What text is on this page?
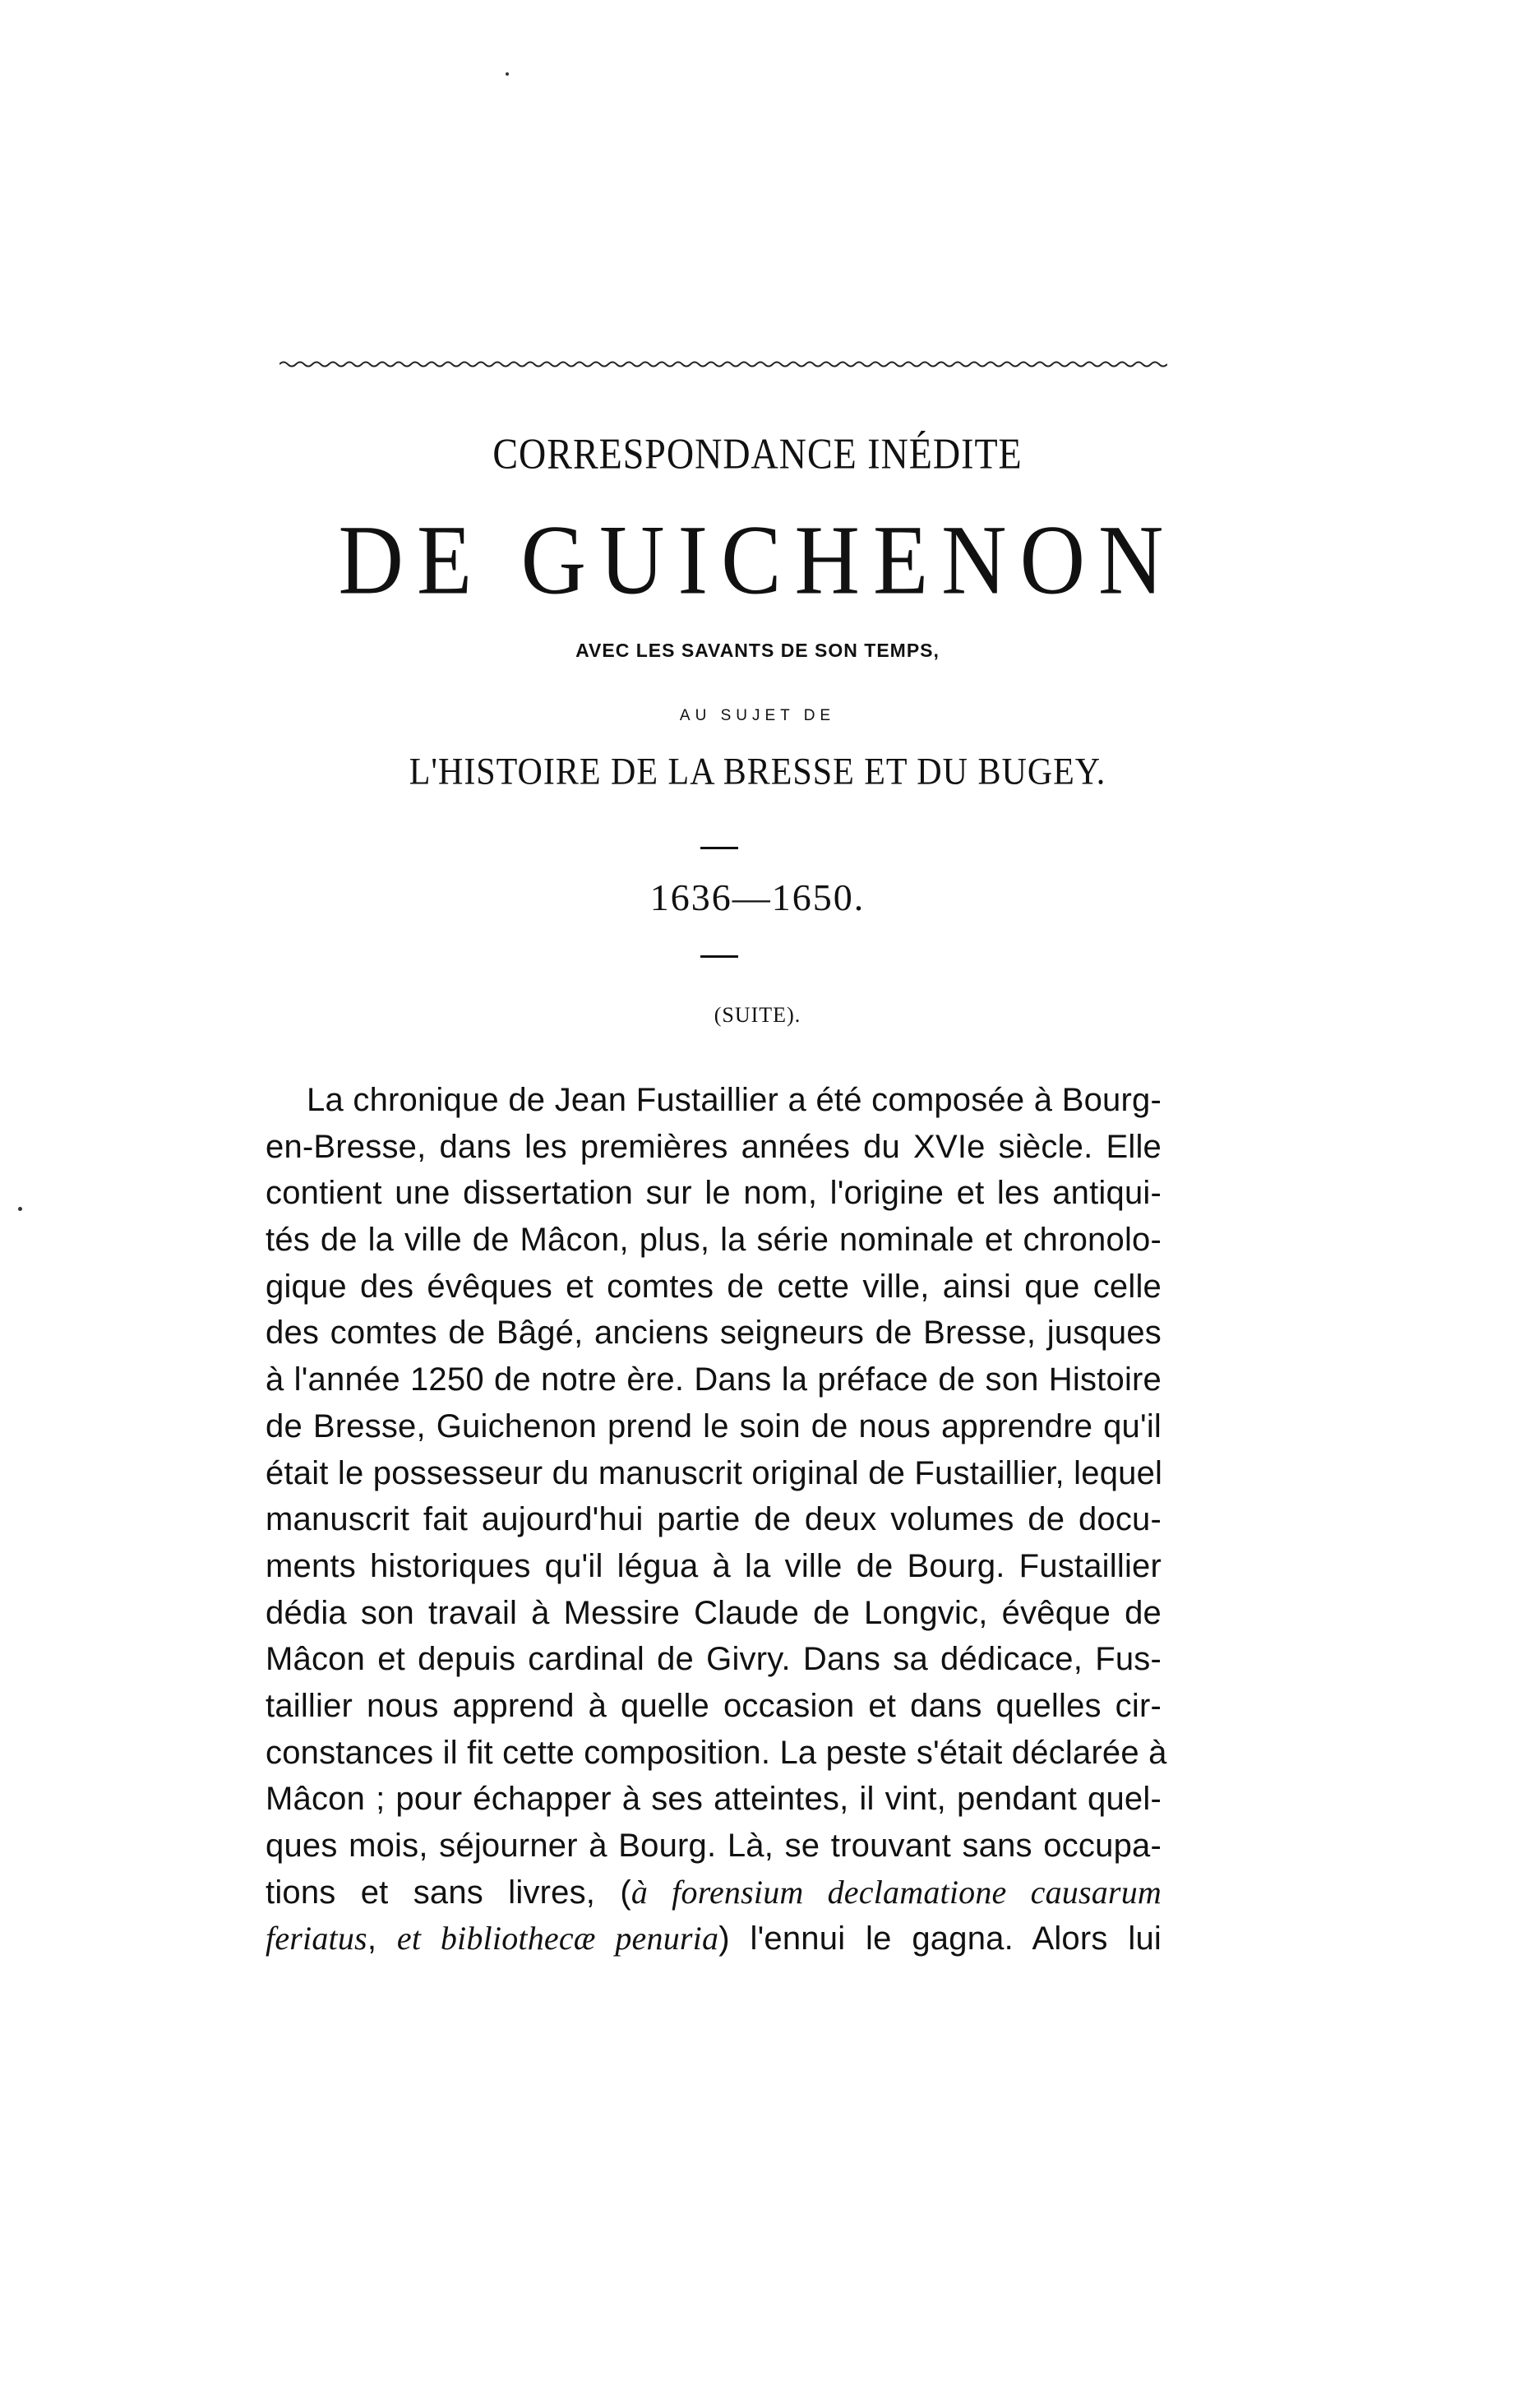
CORRESPONDANCE INÉDITE
DE GUICHENON
AVEC LES SAVANTS DE SON TEMPS,
AU SUJET DE
L'HISTOIRE DE LA BRESSE ET DU BUGEY.
1636—1650.
(SUITE).
La chronique de Jean Fustaillier a été composée à Bourg-
en-Bresse, dans les premières années du XVIe siècle. Elle
contient une dissertation sur le nom, l'origine et les antiqui-
tés de la ville de Mâcon, plus, la série nominale et chronolo-
gique des évêques et comtes de cette ville, ainsi que celle
des comtes de Bâgé, anciens seigneurs de Bresse, jusques
à l'année 1250 de notre ère. Dans la préface de son Histoire
de Bresse, Guichenon prend le soin de nous apprendre qu'il
était le possesseur du manuscrit original de Fustaillier, lequel
manuscrit fait aujourd'hui partie de deux volumes de docu-
ments historiques qu'il légua à la ville de Bourg. Fustaillier
dédia son travail à Messire Claude de Longvic, évêque de
Mâcon et depuis cardinal de Givry. Dans sa dédicace, Fus-
taillier nous apprend à quelle occasion et dans quelles cir-
constances il fit cette composition. La peste s'était déclarée à
Mâcon ; pour échapper à ses atteintes, il vint, pendant quel-
ques mois, séjourner à Bourg. Là, se trouvant sans occupa-
tions et sans livres, (à forensium declamatione causarum
feriatus, et bibliothecæ penuria) l'ennui le gagna. Alors lui
